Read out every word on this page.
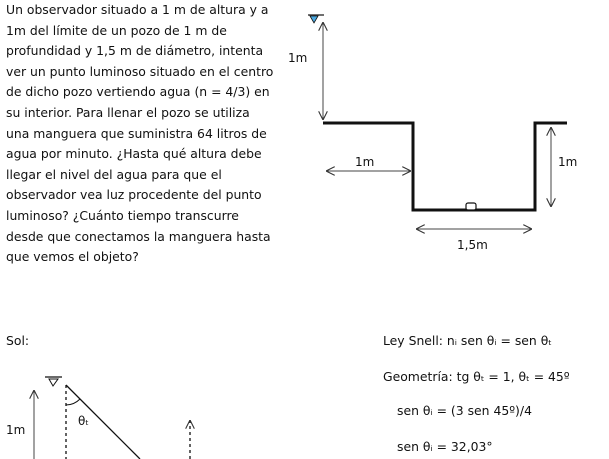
Un observador situado a 1 m de altura y a
1m del límite de un pozo de 1 m de
profundidad y 1,5 m de diámetro, intenta
ver un punto luminoso situado en el centro
de dicho pozo vertiendo agua (n = 4/3) en
su interior. Para llenar el pozo se utiliza
una manguera que suministra 64 litros de
agua por minuto. ¿Hasta qué altura debe
llegar el nivel del agua para que el
observador vea luz procedente del punto
luminoso? ¿Cuánto tiempo transcurre
desde que conectamos la manguera hasta
que vemos el objeto?

1m
1m	1m
1,5m
1m
θₜ
Sol:	Ley Snell: nᵢ sen θᵢ = sen θₜ
Geometría: tg θₜ = 1, θₜ = 45º
sen θᵢ = (3 sen 45º)/4
sen θᵢ = 32,03°
